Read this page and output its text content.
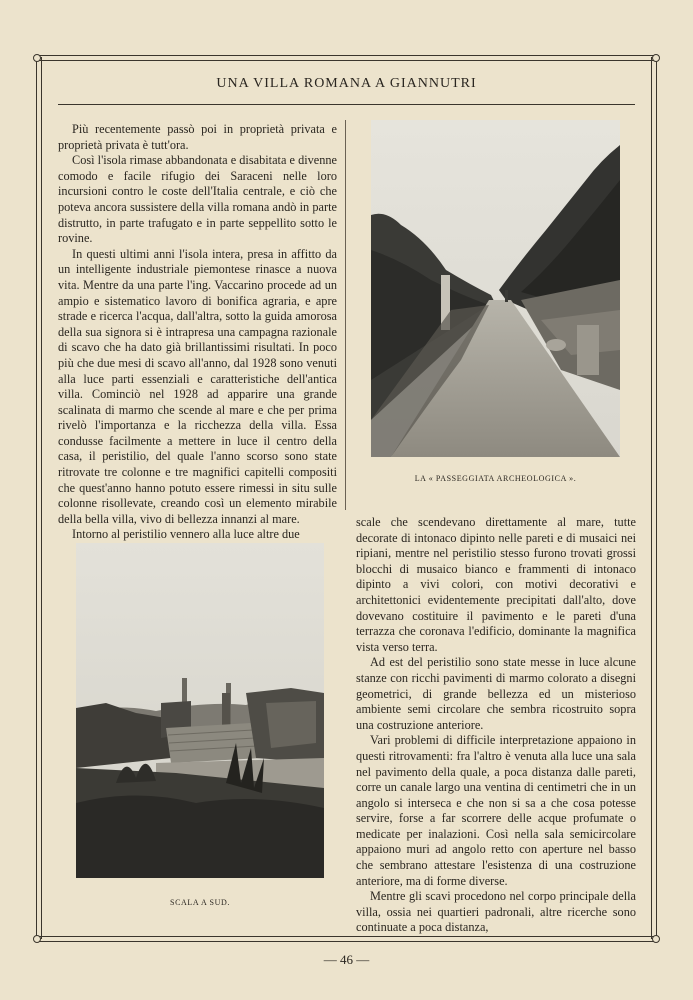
UNA VILLA ROMANA A GIANNUTRI

Più recentemente passò poi in proprietà privata e proprietà privata è tutt'ora.

Così l'isola rimase abbandonata e disabitata e divenne comodo e facile rifugio dei Saraceni nelle loro incursioni contro le coste dell'Italia centrale, e ciò che poteva ancora sussistere della villa romana andò in parte distrutto, in parte trafugato e in parte seppellito sotto le rovine.

In questi ultimi anni l'isola intera, presa in affitto da un intelligente industriale piemontese rinasce a nuova vita. Mentre da una parte l'ing. Vaccarino procede ad un ampio e sistematico lavoro di bonifica agraria, e apre strade e ricerca l'acqua, dall'altra, sotto la guida amorosa della sua signora si è intrapresa una campagna razionale di scavo che ha dato già brillantissimi risultati. In poco più che due mesi di scavo all'anno, dal 1928 sono venuti alla luce parti essenziali e caratteristiche dell'antica villa. Cominciò nel 1928 ad apparire una grande scalinata di marmo che scende al mare e che per prima rivelò l'importanza e la ricchezza della villa. Essa condusse facilmente a mettere in luce il centro della casa, il peristilio, del quale l'anno scorso sono state ritrovate tre colonne e tre magnifici capitelli compositi che quest'anno hanno potuto essere rimessi in situ sulle colonne risollevate, creando così un elemento mirabile della bella villa, vivo di bellezza innanzi al mare.

Intorno al peristilio vennero alla luce altre due

LA « PASSEGGIATA ARCHEOLOGICA ».
SCALA A SUD.

scale che scendevano direttamente al mare, tutte decorate di intonaco dipinto nelle pareti e di musaici nei ripiani, mentre nel peristilio stesso furono trovati grossi blocchi di musaico bianco e frammenti di intonaco dipinto a vivi colori, con motivi decorativi e architettonici evidentemente precipitati dall'alto, dove dovevano costituire il pavimento e le pareti d'una terrazza che coronava l'edificio, dominante la magnifica vista verso terra.

Ad est del peristilio sono state messe in luce alcune stanze con ricchi pavimenti di marmo colorato a disegni geometrici, di grande bellezza ed un misterioso ambiente semi circolare che sembra ricostruito sopra una costruzione anteriore.

Vari problemi di difficile interpretazione appaiono in questi ritrovamenti: fra l'altro è venuta alla luce una sala nel pavimento della quale, a poca distanza dalle pareti, corre un canale largo una ventina di centimetri che in un angolo si interseca e che non si sa a che cosa potesse servire, forse a far scorrere delle acque profumate o medicate per inalazioni. Così nella sala semicircolare appaiono muri ad angolo retto con aperture nel basso che sembrano attestare l'esistenza di una costruzione anteriore, ma di forme diverse.

Mentre gli scavi procedono nel corpo principale della villa, ossia nei quartieri padronali, altre ricerche sono continuate a poca distanza,

— 46 —
